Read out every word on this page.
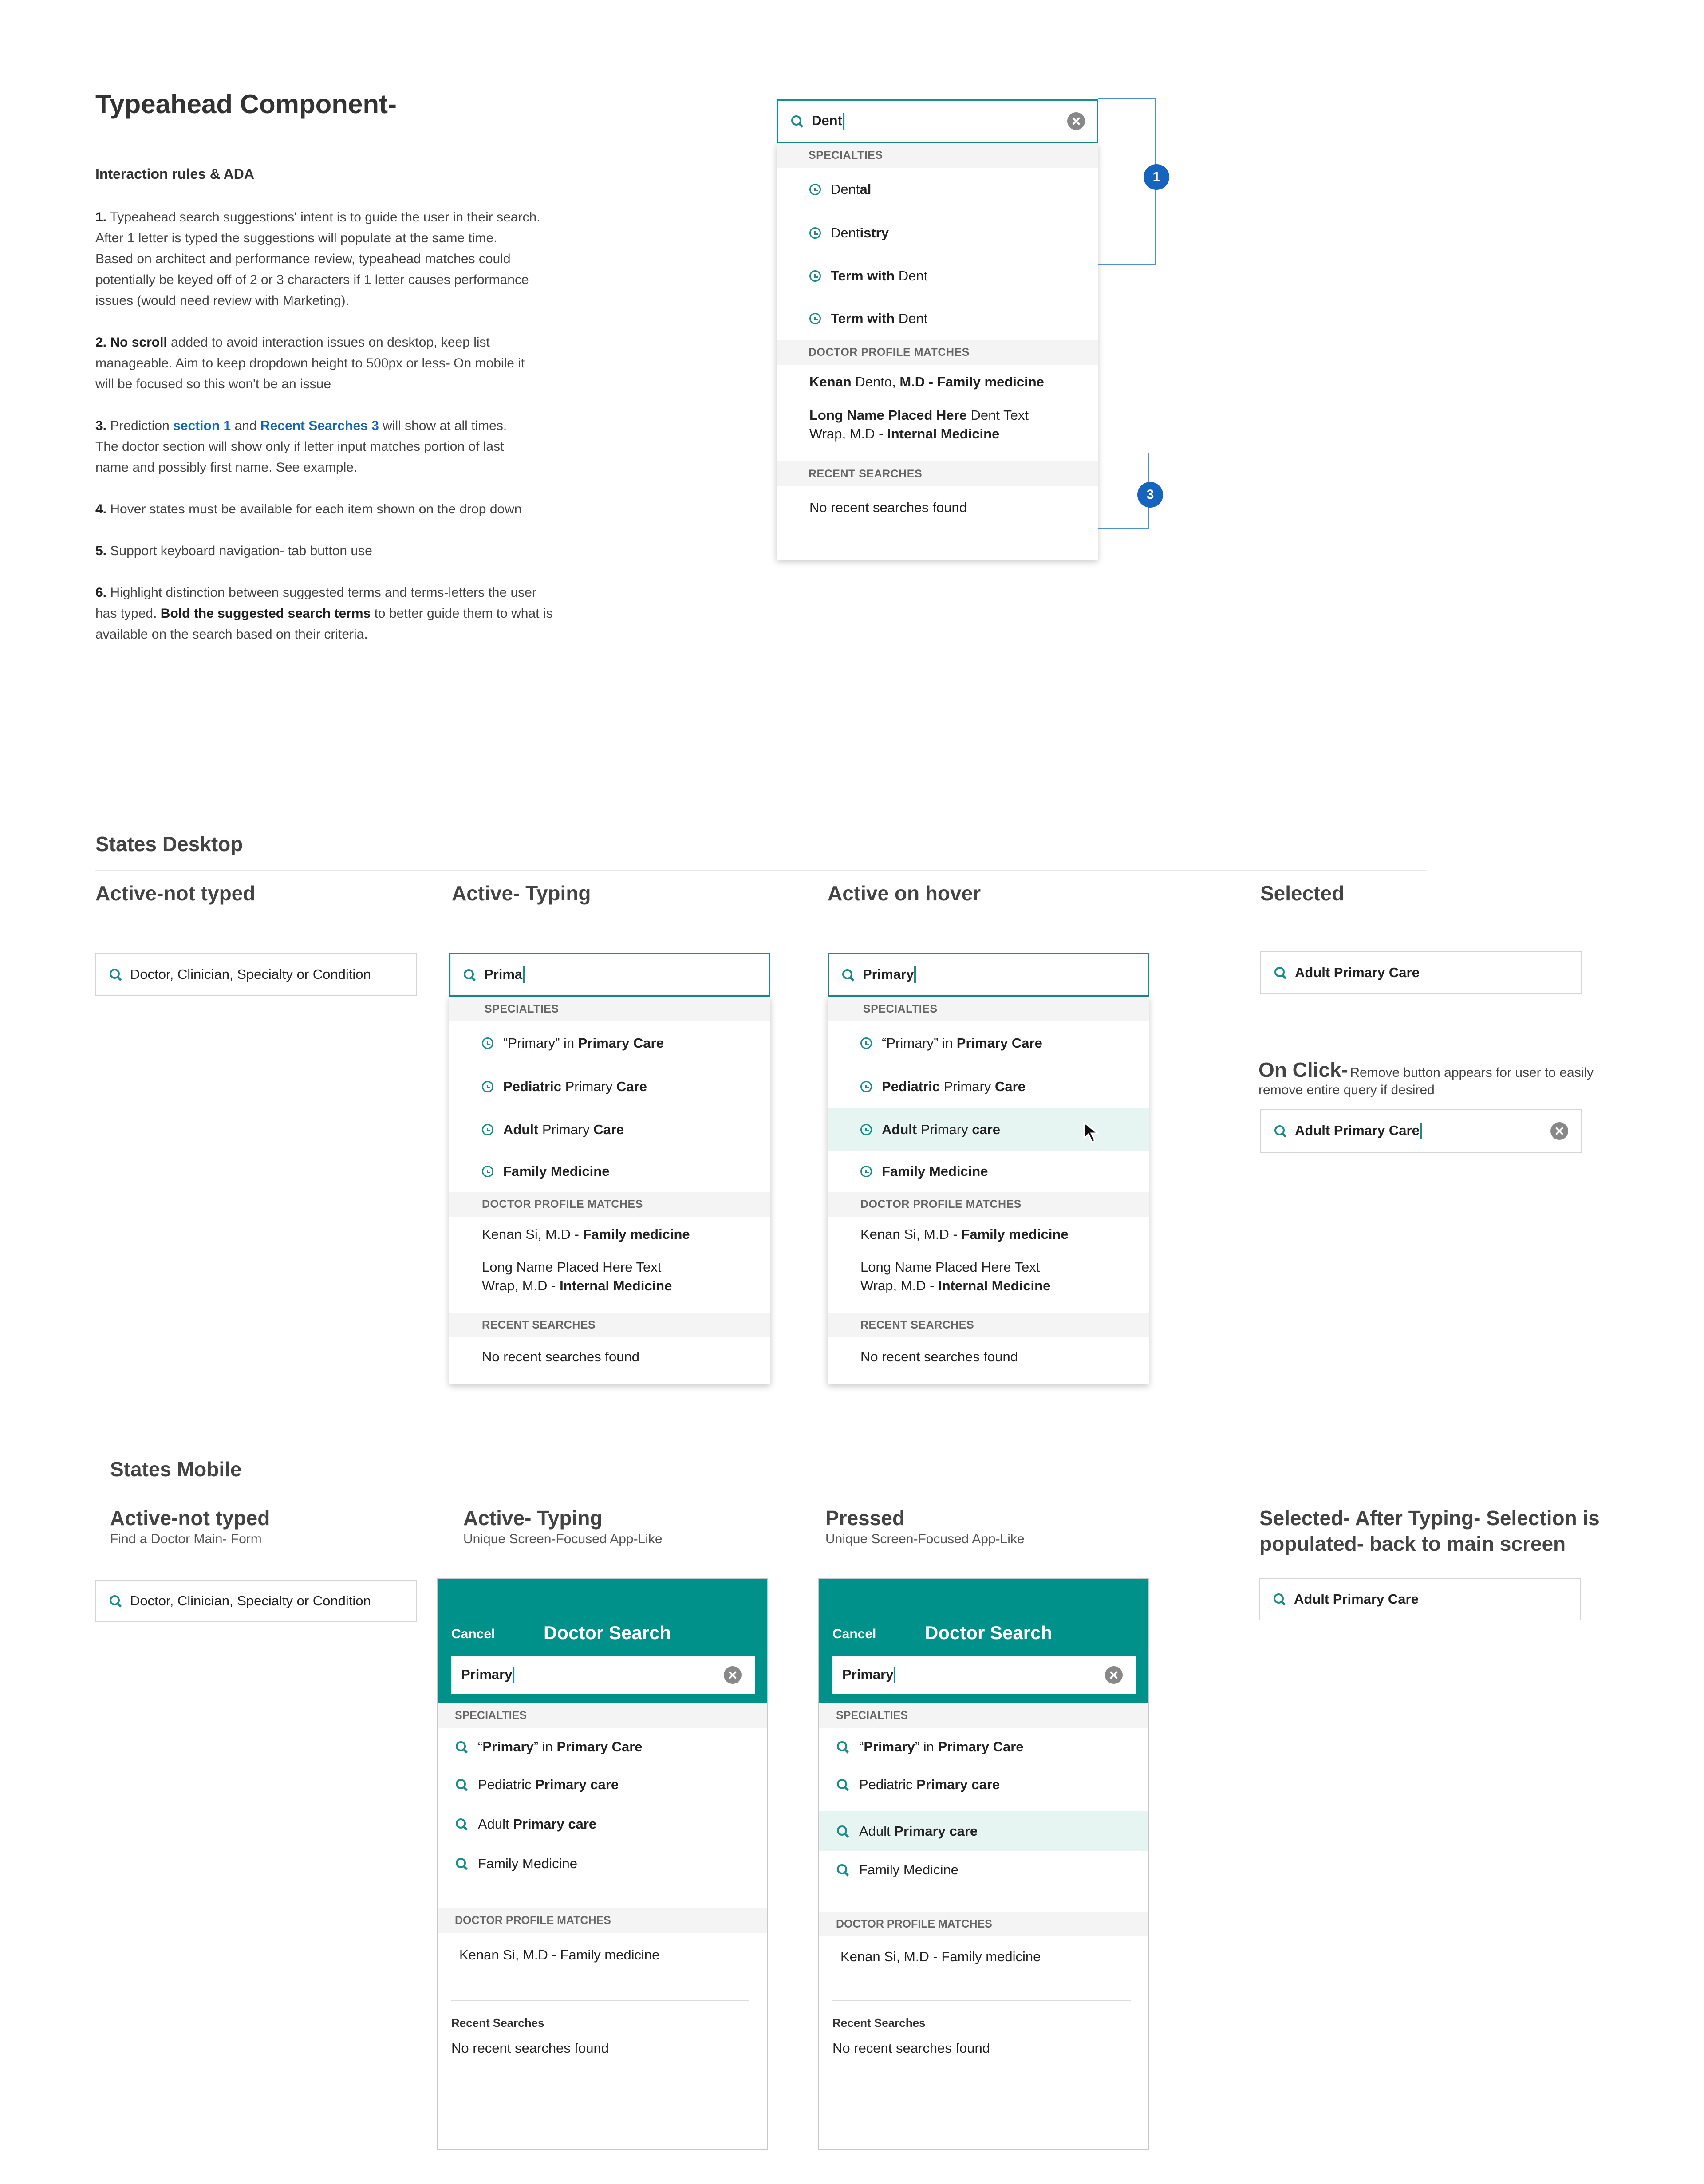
Typeahead Component-
Interaction rules & ADA
1. Typeahead search suggestions' intent is to guide the user in their search.
After 1 letter is typed the suggestions will populate at the same time.
Based on architect and performance review, typeahead matches could
potentially be keyed off of 2 or 3 characters if 1 letter causes performance
issues (would need review with Marketing).
2. No scroll added to avoid interaction issues on desktop, keep list
manageable. Aim to keep dropdown height to 500px or less- On mobile it
will be focused so this won't be an issue
3. Prediction section 1 and Recent Searches 3 will show at all times.
The doctor section will show only if letter input matches portion of last
name and possibly first name. See example.
4. Hover states must be available for each item shown on the drop down
5. Support keyboard navigation- tab button use
6. Highlight distinction between suggested terms and terms-letters the user
has typed. Bold the suggested search terms to better guide them to what is
available on the search based on their criteria.
Dent
SPECIALTIES
Dental
Dentistry
Term with Dent
Term with Dent
DOCTOR PROFILE MATCHES
Kenan Dento, M.D - Family medicine
Long Name Placed Here Dent Text
Wrap, M.D - Internal Medicine
RECENT SEARCHES
No recent searches found
1
3
States Desktop
Active-not typed	Active- Typing	Active on hover	Selected
Doctor, Clinician, Specialty or Condition	Prima
SPECIALTIES
“Primary” in Primary Care
Pediatric Primary Care
Adult Primary Care
Family Medicine
DOCTOR PROFILE MATCHES
Kenan Si, M.D - Family medicine
Long Name Placed Here Text
Wrap, M.D - Internal Medicine
RECENT SEARCHES
No recent searches found
Primary
SPECIALTIES
“Primary” in Primary Care
Pediatric Primary Care
Adult Primary care
Family Medicine
DOCTOR PROFILE MATCHES
Kenan Si, M.D - Family medicine
Long Name Placed Here Text
Wrap, M.D - Internal Medicine
RECENT SEARCHES
No recent searches found
Adult Primary Care
On Click- Remove button appears for user to easily
remove entire query if desired
Adult Primary Care
States Mobile
Active-not typed
Find a Doctor Main- Form
Active- Typing
Unique Screen-Focused App-Like
Pressed
Unique Screen-Focused App-Like
Selected- After Typing- Selection is
populated- back to main screen
Doctor, Clinician, Specialty or Condition
Cancel	Doctor Search
Primary
SPECIALTIES
“Primary” in Primary Care
Pediatric Primary care
Adult Primary care
Family Medicine
DOCTOR PROFILE MATCHES
Kenan Si, M.D - Family medicine
Recent Searches
No recent searches found
Cancel	Doctor Search
Primary
SPECIALTIES
“Primary” in Primary Care
Pediatric Primary care
Adult Primary care
Family Medicine
DOCTOR PROFILE MATCHES
Kenan Si, M.D - Family medicine
Recent Searches
No recent searches found
Adult Primary Care
